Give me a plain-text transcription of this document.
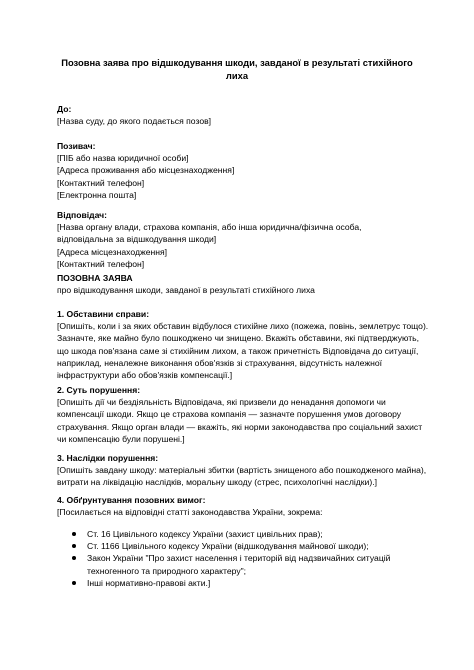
Позовна заява про відшкодування шкоди, завданої в результаті стихійного лиха
До:
[Назва суду, до якого подається позов]
Позивач:
[ПІБ або назва юридичної особи]
[Адреса проживання або місцезнаходження]
[Контактний телефон]
[Електронна пошта]
Відповідач:
[Назва органу влади, страхова компанія, або інша юридична/фізична особа,
відповідальна за відшкодування шкоди]
[Адреса місцезнаходження]
[Контактний телефон]
ПОЗОВНА ЗАЯВА
про відшкодування шкоди, завданої в результаті стихійного лиха
1. Обставини справи:
[Опишіть, коли і за яких обставин відбулося стихійне лихо (пожежа, повінь, землетрус тощо). Зазначте, яке майно було пошкоджено чи знищено. Вкажіть обставини, які підтверджують, що шкода пов'язана саме зі стихійним лихом, а також причетність Відповідача до ситуації, наприклад, неналежне виконання обов'язків зі страхування, відсутність належної інфраструктури або обов'язків компенсації.]
2. Суть порушення:
[Опишіть дії чи бездіяльність Відповідача, які призвели до ненадання допомоги чи компенсації шкоди. Якщо це страхова компанія — зазначте порушення умов договору страхування. Якщо орган влади — вкажіть, які норми законодавства про соціальний захист чи компенсацію були порушені.]
3. Наслідки порушення:
[Опишіть завдану шкоду: матеріальні збитки (вартість знищеного або пошкодженого майна), витрати на ліквідацію наслідків, моральну шкоду (стрес, психологічні наслідки).]
4. Обґрунтування позовних вимог:
[Посилається на відповідні статті законодавства України, зокрема:
Ст. 16 Цивільного кодексу України (захист цивільних прав);
Ст. 1166 Цивільного кодексу України (відшкодування майнової шкоди);
Закон України "Про захист населення і територій від надзвичайних ситуацій техногенного та природного характеру";
Інші нормативно-правові акти.]
